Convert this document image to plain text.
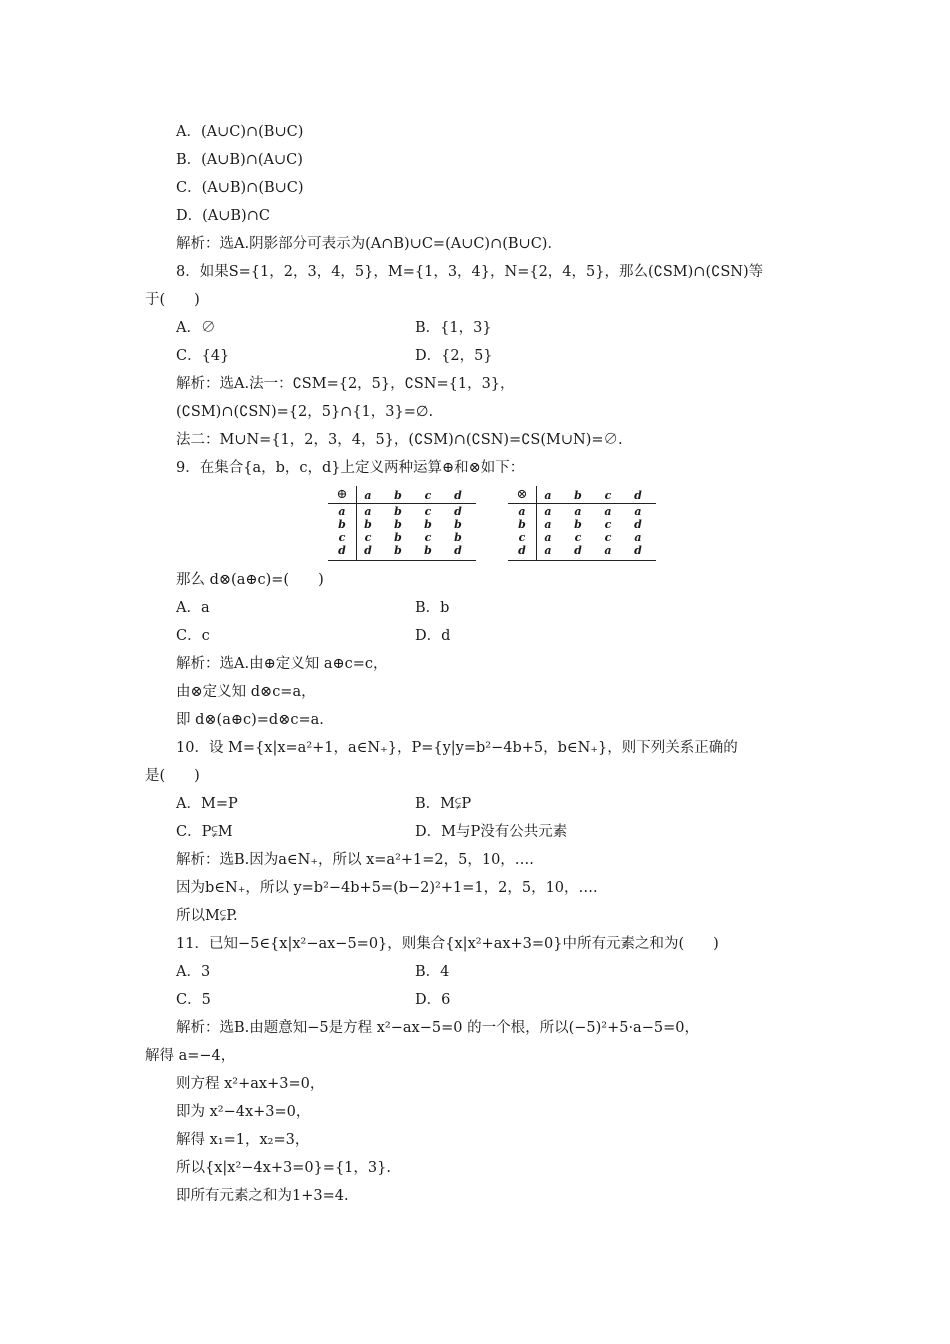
A．(A∪C)∩(B∪C)
B．(A∪B)∩(A∪C)
C．(A∪B)∩(B∪C)
D．(A∪B)∩C
解析：选A.阴影部分可表示为(A∩B)∪C=(A∪C)∩(B∪C)．
8．如果S={1，2，3，4，5}，M={1，3，4}，N={2，4，5}，那么(∁SM)∩(∁SN)等
于(　　)
A．∅	B．{1，3}
C．{4}	D．{2，5}
解析：选A.法一：∁SM={2，5}，∁SN={1，3}，
(∁SM)∩(∁SN)={2，5}∩{1，3}=∅.
法二：M∪N={1，2，3，4，5}，(∁SM)∩(∁SN)=∁S(M∪N)=∅.
9．在集合{a，b，c，d}上定义两种运算⊕和⊗如下：
⊕	a	b	c	d
a	a	b	c	d
b	b	b	b	b
c	c	b	c	b
d	d	b	b	d
⊗	a	b	c	d
a	a	a	a	a
b	a	b	c	d
c	a	c	c	a
d	a	d	a	d
那么 d⊗(a⊕c)=(　　)
A．a	B．b
C．c	D．d
解析：选A.由⊕定义知 a⊕c=c，
由⊗定义知 d⊗c=a，
即 d⊗(a⊕c)=d⊗c=a.
10．设 M={x|x=a²+1，a∈N₊}，P={y|y=b²−4b+5，b∈N₊}，则下列关系正确的
是(　　)
A．M=P	B．M⫋P
C．P⫋M	D．M与P没有公共元素
解析：选B.因为a∈N₊，所以 x=a²+1=2，5，10，….
因为b∈N₊，所以 y=b²−4b+5=(b−2)²+1=1，2，5，10，….
所以M⫋P.
11．已知−5∈{x|x²−ax−5=0}，则集合{x|x²+ax+3=0}中所有元素之和为(　　)
A．3	B．4
C．5	D．6
解析：选B.由题意知−5是方程 x²−ax−5=0 的一个根，所以(−5)²+5·a−5=0，
解得 a=−4，
则方程 x²+ax+3=0，
即为 x²−4x+3=0，
解得 x₁=1，x₂=3，
所以{x|x²−4x+3=0}={1，3}.
即所有元素之和为1+3=4.
